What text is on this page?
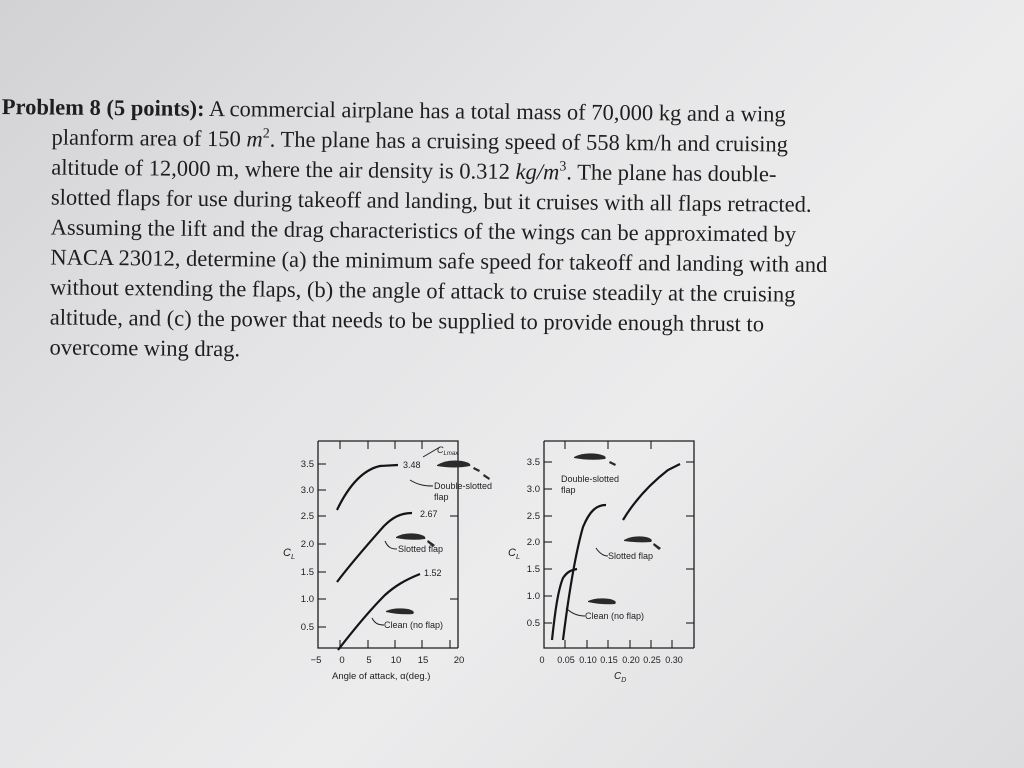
Problem 8 (5 points): A commercial airplane has a total mass of 70,000 kg and a wing
planform area of 150 $m^2$. The plane has a cruising speed of 558 km/h and cruising
altitude of 12,000 m, where the air density is 0.312 $kg/m^3$. The plane has double-
slotted flaps for use during takeoff and landing, but it cruises with all flaps retracted.
Assuming the lift and the drag characteristics of the wings can be approximated by
NACA 23012, determine (a) the minimum safe speed for takeoff and landing with and
without extending the flaps, (b) the angle of attack to cruise steadily at the cruising
altitude, and (c) the power that needs to be supplied to provide enough thrust to
overcome wing drag.
3.5
3.0
2.5
2.0
1.5
1.0
0.5
−5 0 5 10 15	20
$C_L$
Angle of attack, α(deg.)
$C_{Lmax}$
3.48
Double-slotted
flap
2.67
Slotted flap
1.52
Clean (no flap)
3.5
3.0
2.5
2.0
1.5
1.0
0.5
0 0.05 0.10 0.15 0.20 0.25 0.30
$C_L$
$C_D$
Double-slotted
flap
Slotted flap
Clean (no flap)
